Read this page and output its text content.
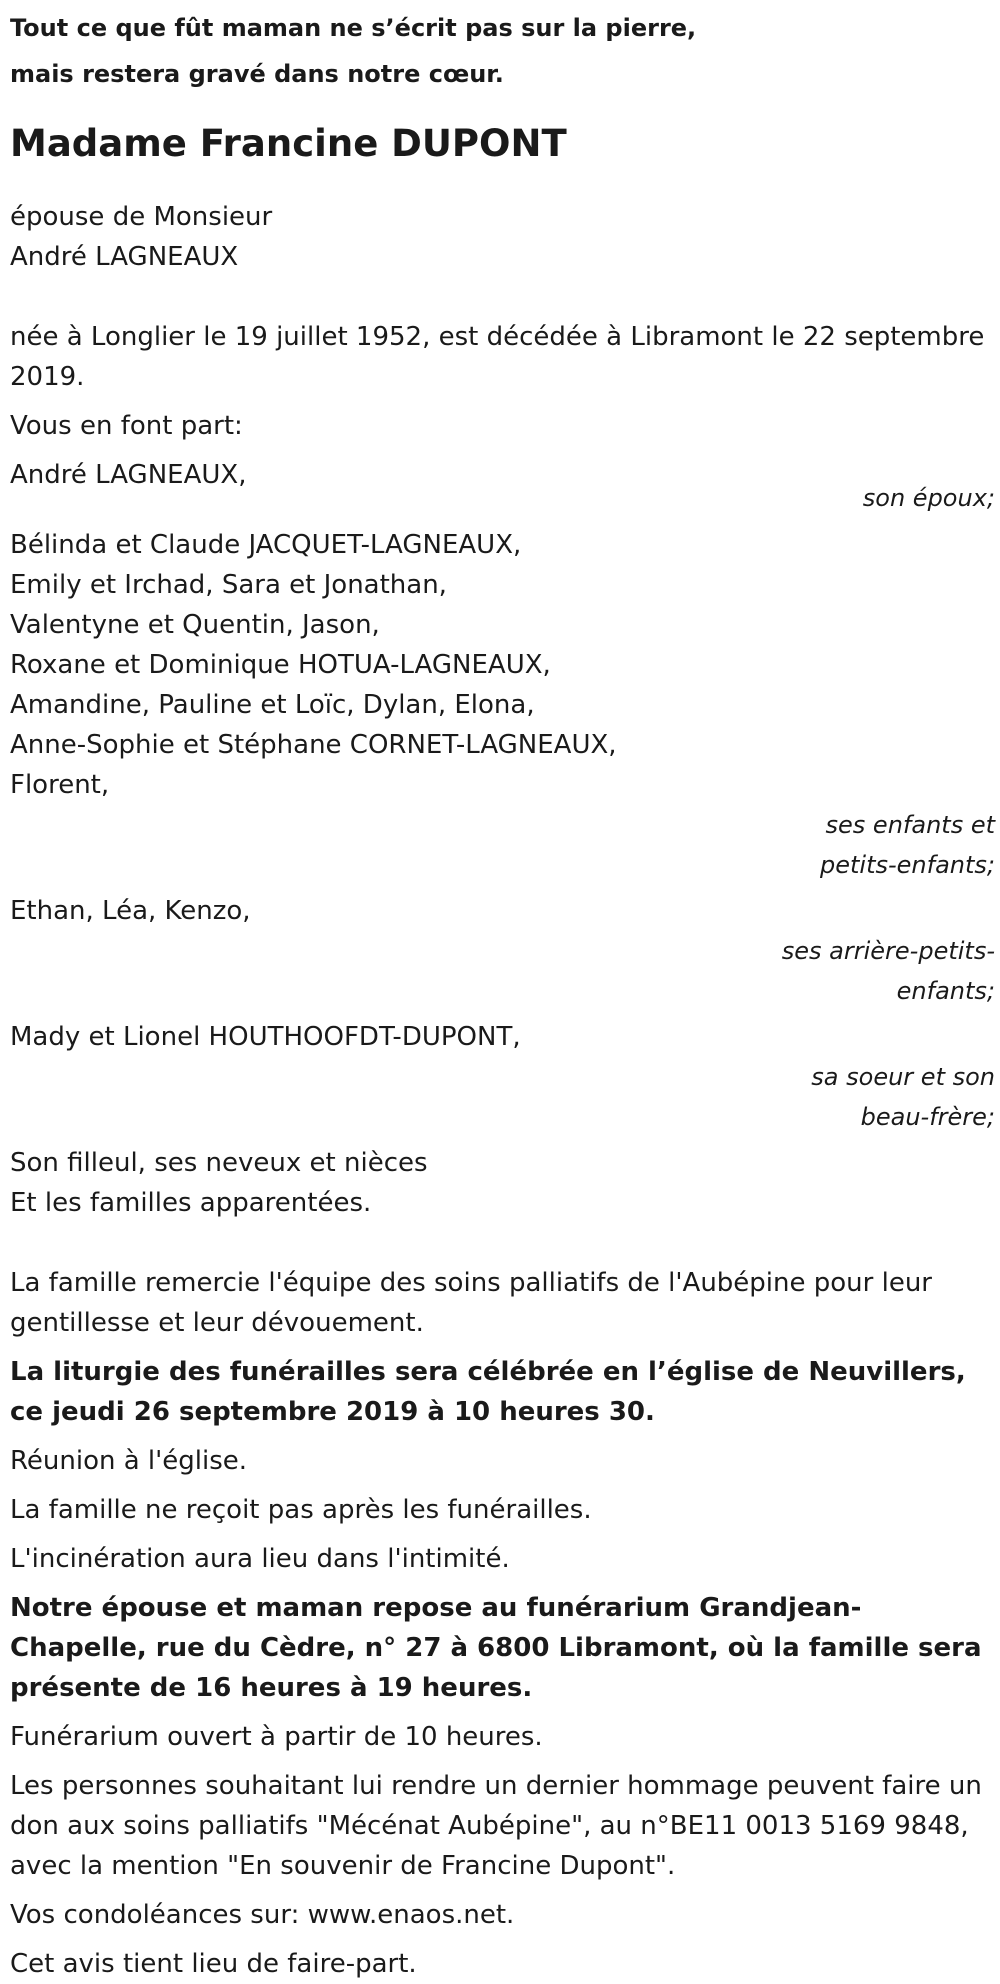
Tout ce que fût maman ne s’écrit pas sur la pierre,

mais restera gravé dans notre cœur.

Madame Francine DUPONT

épouse de Monsieur

André LAGNEAUX

née à Longlier le 19 juillet 1952, est décédée à Libramont le 22 septembre 2019.

Vous en font part:

André LAGNEAUX,

son époux;

Bélinda et Claude JACQUET-LAGNEAUX,

Emily et Irchad, Sara et Jonathan,

Valentyne et Quentin, Jason,

Roxane et Dominique HOTUA-LAGNEAUX,

Amandine, Pauline et Loïc, Dylan, Elona,

Anne-Sophie et Stéphane CORNET-LAGNEAUX,

Florent,

ses enfants et petits-enfants;

Ethan, Léa, Kenzo,

ses arrière-petits-enfants;

Mady et Lionel HOUTHOOFDT-DUPONT,

sa soeur et son beau-frère;

Son filleul, ses neveux et nièces

Et les familles apparentées.

La famille remercie l'équipe des soins palliatifs de l'Aubépine pour leur gentillesse et leur dévouement.

La liturgie des funérailles sera célébrée en l’église de Neuvillers, ce jeudi 26 septembre 2019 à 10 heures 30.

Réunion à l'église.

La famille ne reçoit pas après les funérailles.

L'incinération aura lieu dans l'intimité.

Notre épouse et maman repose au funérarium Grandjean-Chapelle, rue du Cèdre, n° 27 à 6800 Libramont, où la famille sera présente de 16 heures à 19 heures.

Funérarium ouvert à partir de 10 heures.

Les personnes souhaitant lui rendre un dernier hommage peuvent faire un don aux soins palliatifs "Mécénat Aubépine", au n°BE11 0013 5169 9848, avec la mention "En souvenir de Francine Dupont".

Vos condoléances sur: www.enaos.net.

Cet avis tient lieu de faire-part.
